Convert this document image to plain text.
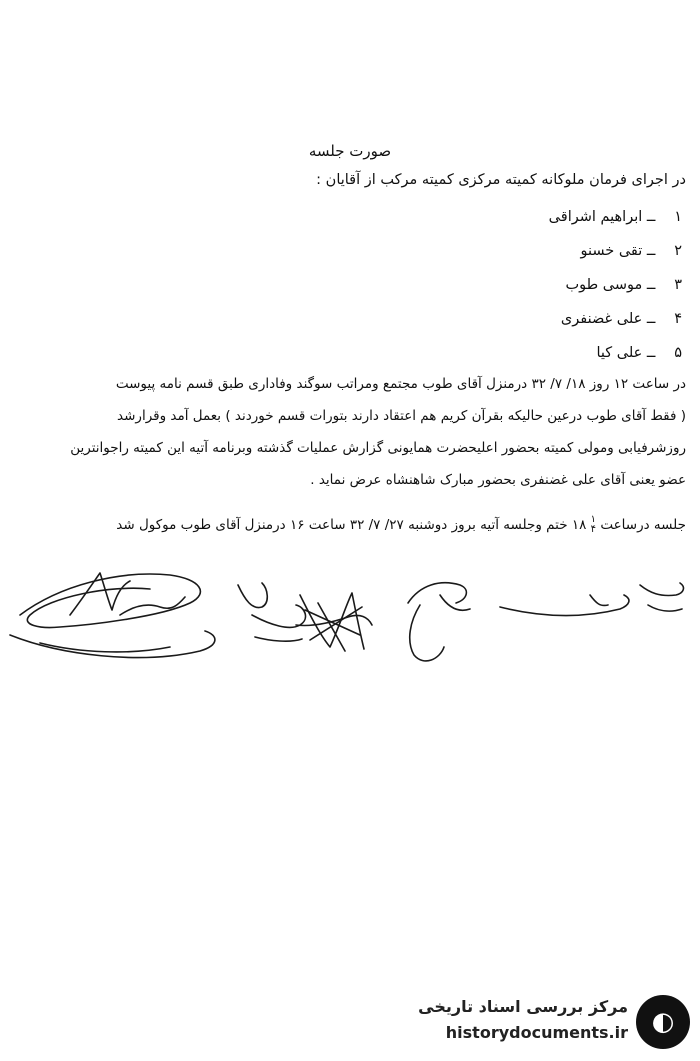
صورت جلسه
در اجرای فرمان ملوکانه کمیته مرکزی کمیته مرکب از آقایان :
۱ ــ ابراهیم اشراقی
۲ ــ تقی خسنو
۳ ــ موسی طوب
۴ ــ علی غضنفری
۵ ــ علی کیا

در ساعت ۱۲ روز ۱۸/ ۷/ ۳۲ درمنزل آقای طوب مجتمع ومراتب سوگند وفاداری طبق قسم نامه پیوست

( فقط آقای طوب درعین حالیکه بقرآن کریم هم اعتقاد دارند بتورات قسم خوردند ) بعمل آمد وقرارشد

روزشرفیابی ومولی کمیته بحضور اعلیحضرت همایونی گزارش عملیات گذشته وبرنامه آتیه این کمیته راجوانترین

عضو یعنی آقای علی غضنفری بحضور مبارک شاهنشاه عرض نماید .

جلسه درساعت ۱
۴ ۱۸ ختم وجلسه آتیه بروز دوشنبه ۲۷/ ۷/ ۳۲ ساعت ۱۶ درمنزل آقای طوب موکول شد

مرکز بررسی اسناد تاریخی
historydocuments.ir ◐
